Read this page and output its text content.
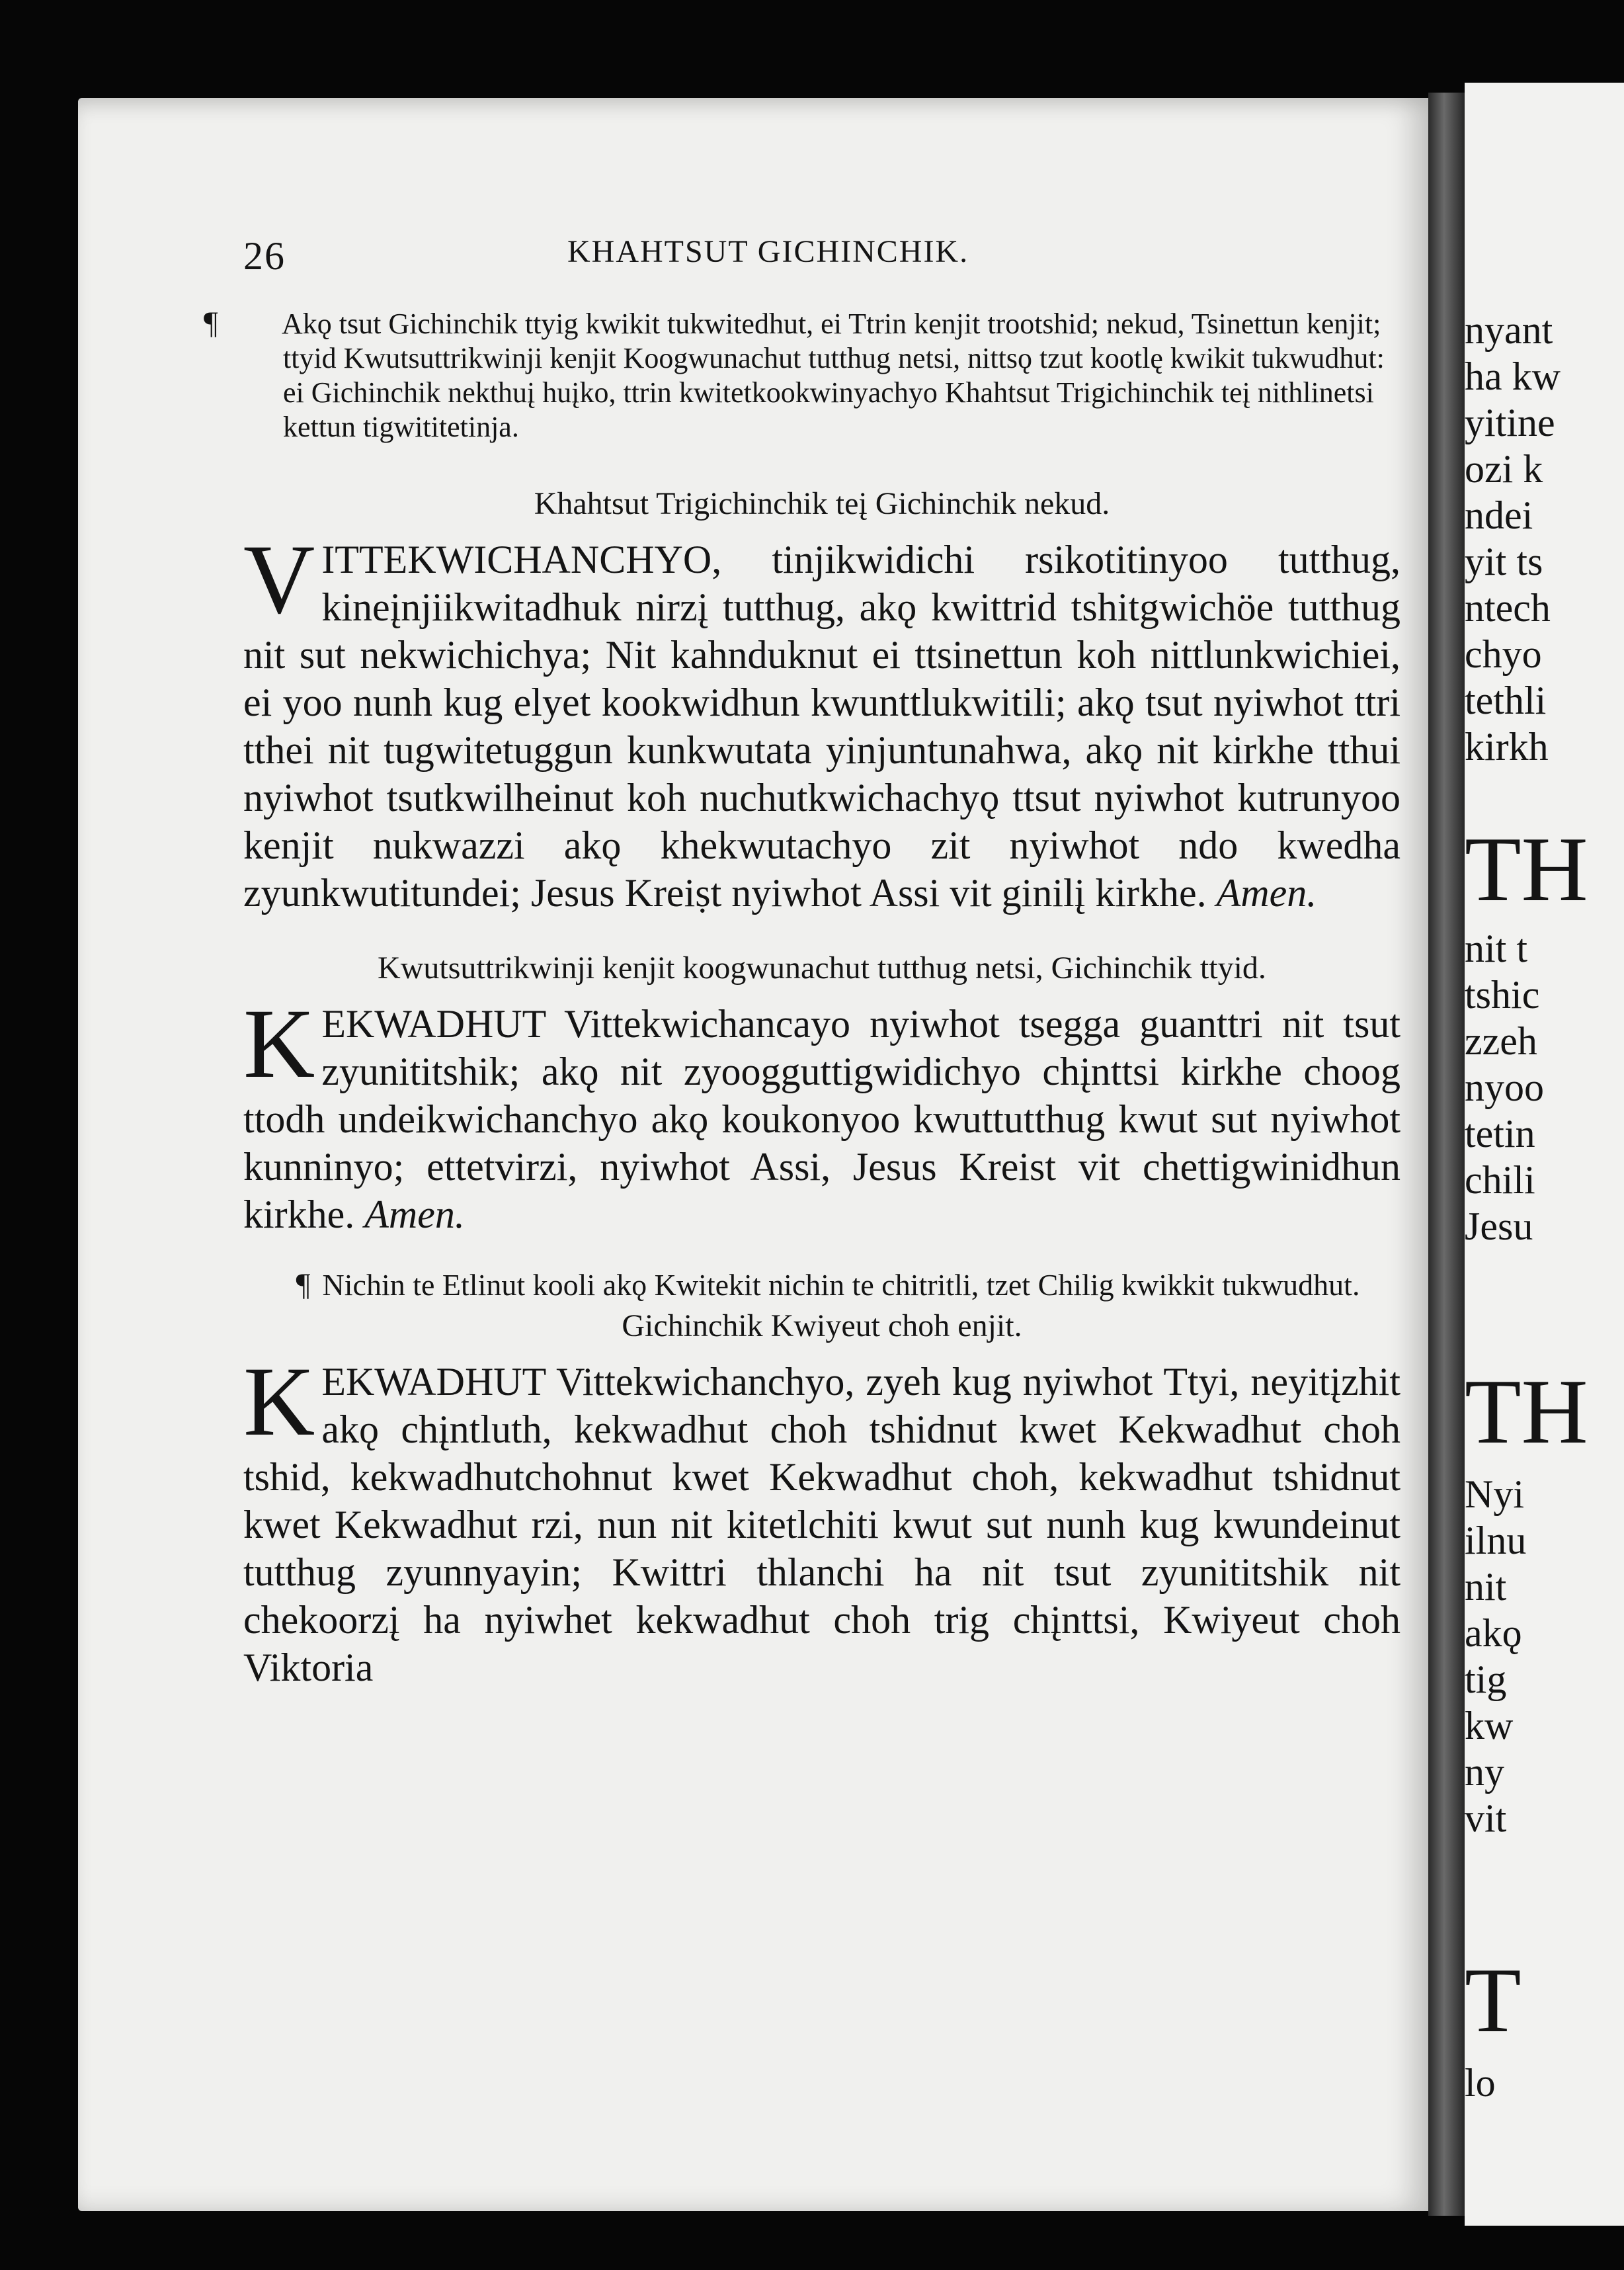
26	KHAHTSUT GICHINCHIK.

¶ Akǫ tsut Gichinchik ttyig kwikit tukwitedhut, ei Ttrin kenjit trootshid; nekud, Tsinettun kenjit; ttyid Kwutsuttrikwinji kenjit Koogwunachut tutthug netsi, nittsǫ tzut kootlę kwikit tukwudhut: ei Gichinchik nekthuį huįko, ttrin kwitetkookwinyachyo Khahtsut Trigichinchik teį nithlinetsi kettun tigwititetinja.

Khahtsut Trigichinchik teį Gichinchik nekud.

VITTEKWICHANCHYO, tinjikwidichi rsikotitinyoo tutthug, kineįnjiikwitadhuk nirzį tutthug, akǫ kwittrid tshitgwichöe tutthug nit sut nekwichichya; Nit kahnduknut ei ttsinettun koh nittlunkwichiei, ei yoo nunh kug elyet kookwidhun kwunttlukwitili; akǫ tsut nyiwhot ttri tthei nit tugwitetuggun kunkwutata yinjuntunahwa, akǫ nit kirkhe tthui nyiwhot tsutkwilheinut koh nuchutkwichachyǫ ttsut nyiwhot kutrunyoo kenjit nukwazzi akǫ khekwutachyo zit nyiwhot ndo kwedha zyunkwutitundei; Jesus Kreiṣt nyiwhot Assi vit ginilį kirkhe. Amen.

Kwutsuttrikwinji kenjit koogwunachut tutthug netsi, Gichinchik ttyid.

KEKWADHUT Vittekwichancayo nyiwhot tsegga guanttri nit tsut zyunititshik; akǫ nit zyoogguttigwidichyo chįnttsi kirkhe choog ttodh undeikwichanchyo akǫ koukonyoo kwuttutthug kwut sut nyiwhot kunninyo; ettetvirzi, nyiwhot Assi, Jesus Kreist vit chettigwinidhun kirkhe. Amen.

¶ Nichin te Etlinut kooli akǫ Kwitekit nichin te chitritli, tzet Chilig kwikkit tukwudhut.

Gichinchik Kwiyeut choh enjit.

KEKWADHUT Vittekwichanchyo, zyeh kug nyiwhot Ttyi, neyitįzhit akǫ chįntluth, kekwadhut choh tshidnut kwet Kekwadhut choh tshid, kekwadhutchohnut kwet Kekwadhut choh, kekwadhut tshidnut kwet Kekwadhut rzi, nun nit kitetlchiti kwut sut nunh kug kwundeinut tutthug zyunnyayin; Kwittri thlanchi ha nit tsut zyunititshik nit chekoorzį ha nyiwhet kekwadhut choh trig chįnttsi, Kwiyeut choh Viktoria

nyant
ha kw
yitine
ozi k
ndei
yit ts
ntech
chyo
tethli
kirkh
TH
nit t
tshic
zzeh
nyoo
tetin
chili
Jesu
TH
Nyi
ilnu
nit
akǫ
tig
kw
ny
vit
T
lo
